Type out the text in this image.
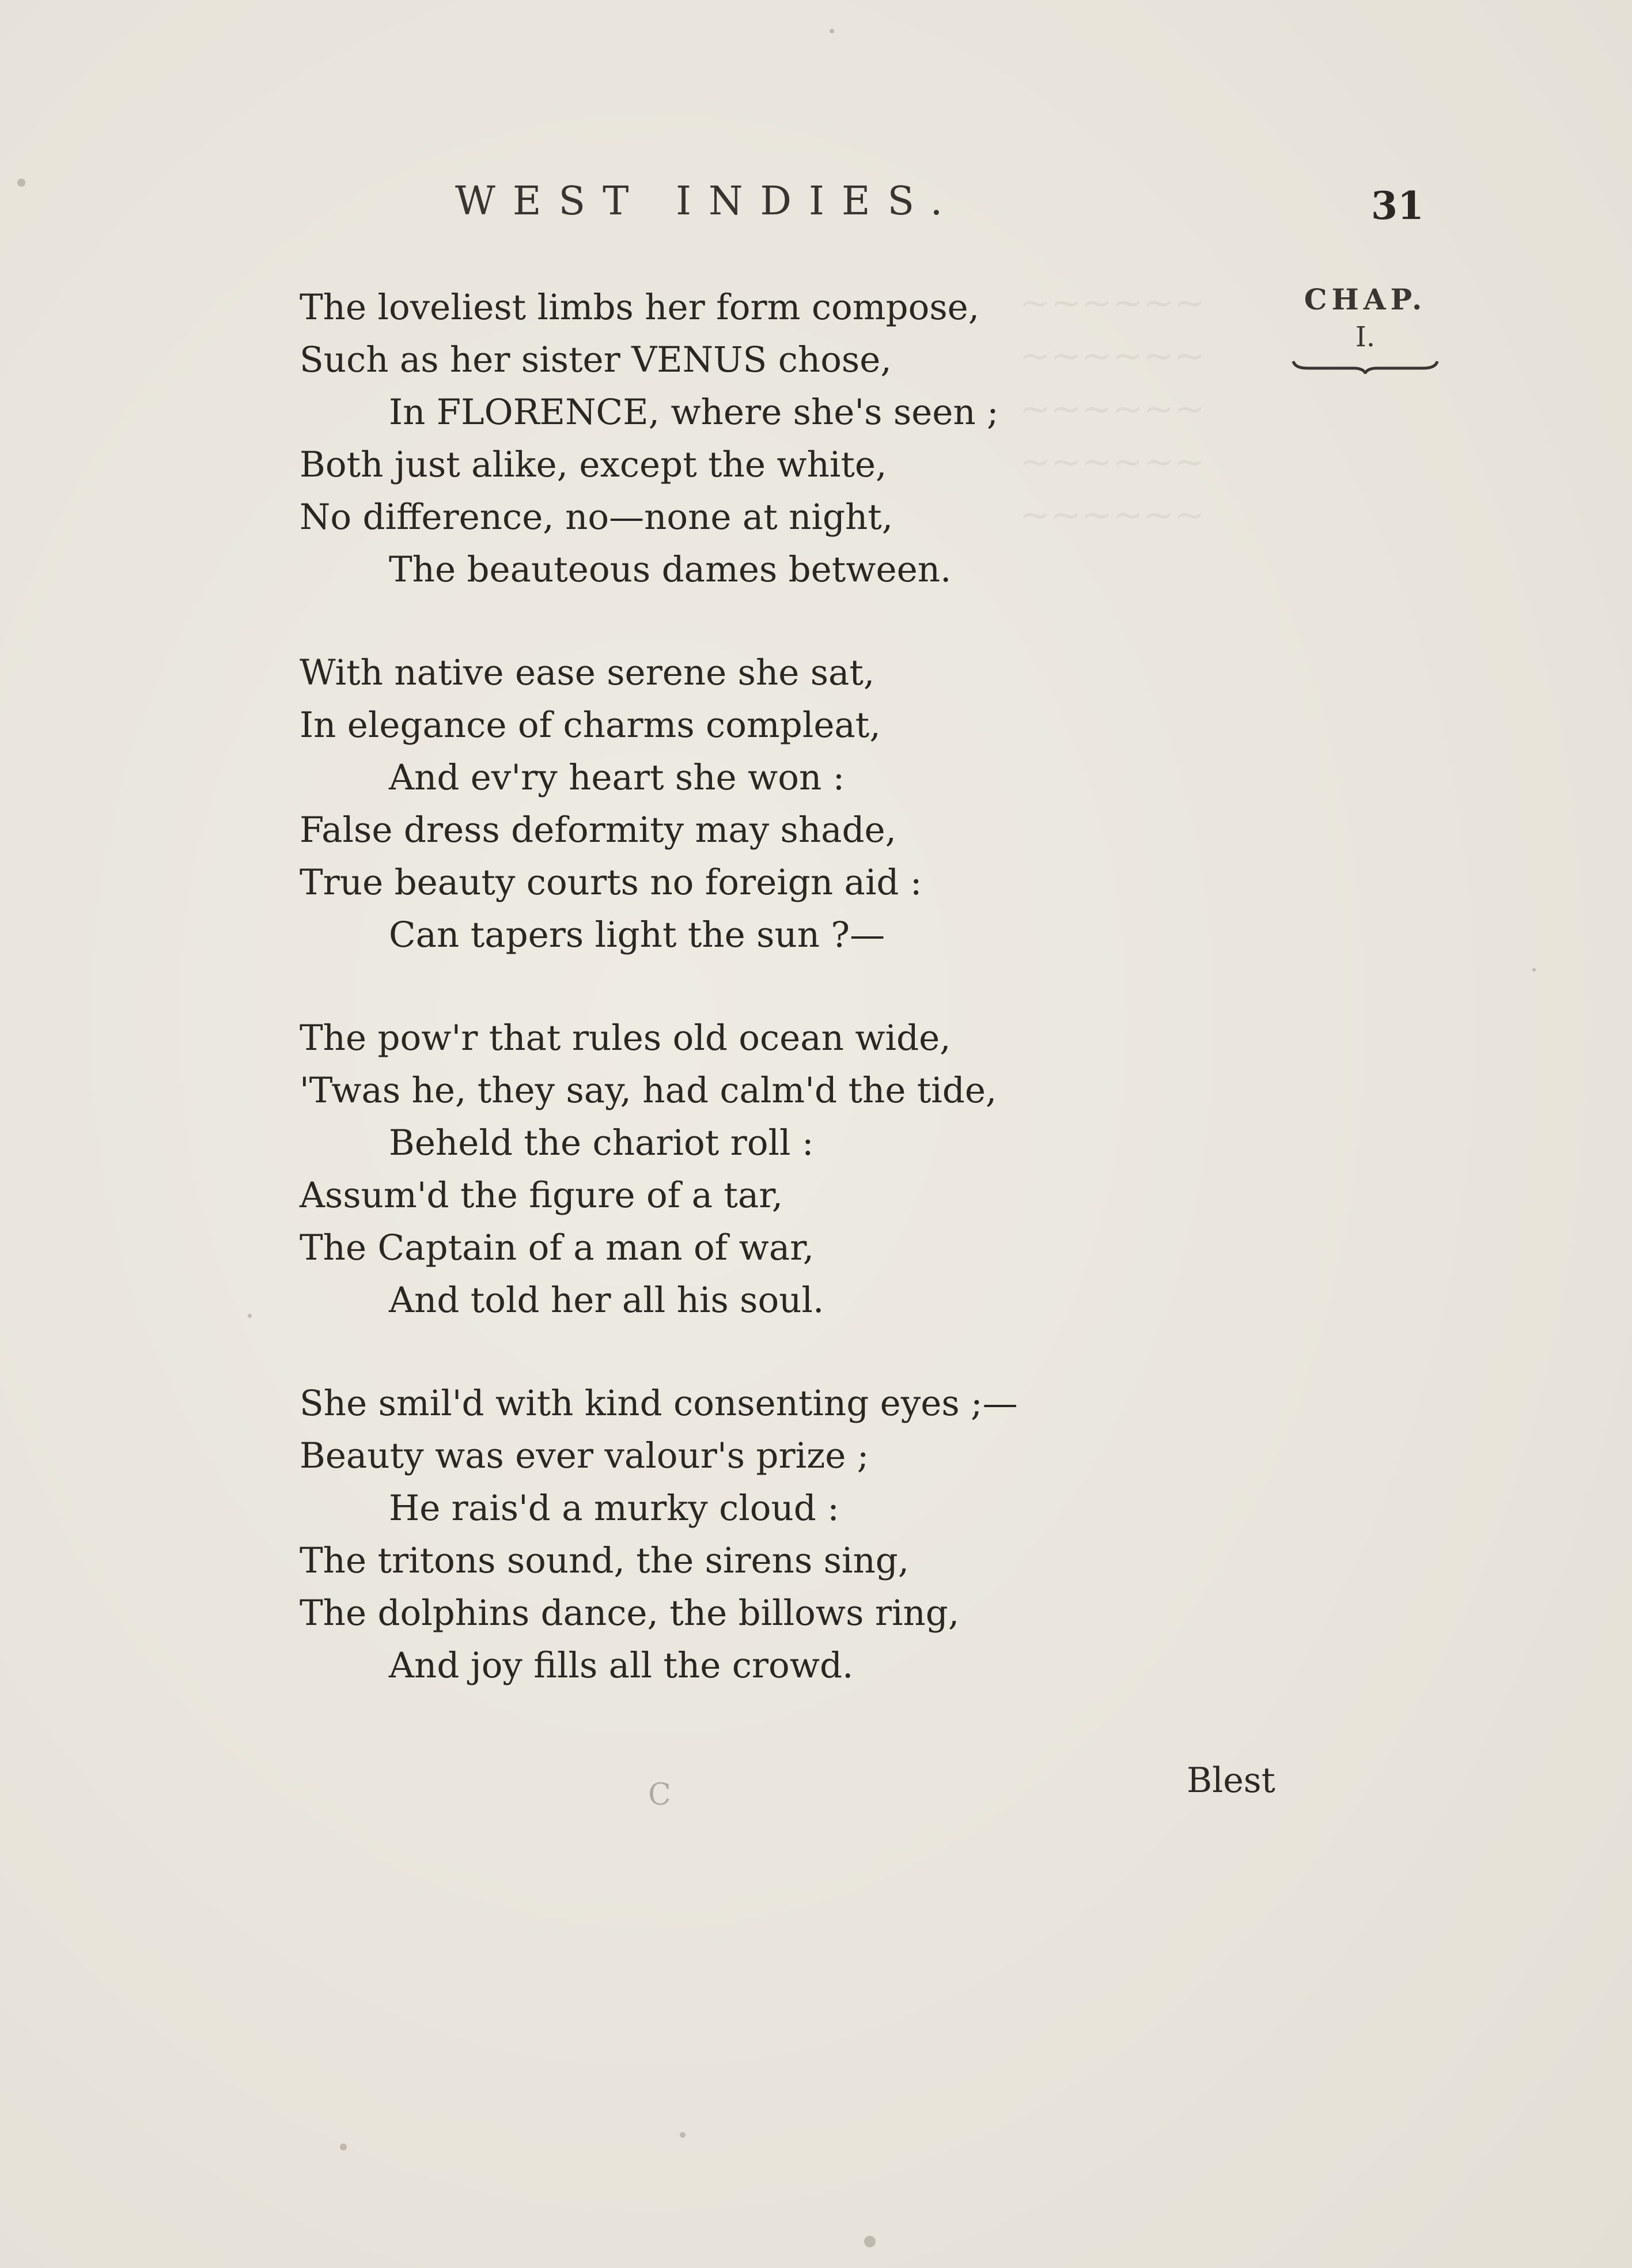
~~~~~~
~~~~~~
~~~~~~
~~~~~~
~~~~~~
WEST INDIES.	31
CHAP.
I.
The loveliest limbs her form compose,
Such as her sister VENUS chose,
In FLORENCE, where she's seen ;
Both just alike, except the white,
No difference, no—none at night,
The beauteous dames between.
With native ease serene she sat,
In elegance of charms compleat,
And ev'ry heart she won :
False dress deformity may shade,
True beauty courts no foreign aid :
Can tapers light the sun ?—
The pow'r that rules old ocean wide,
'Twas he, they say, had calm'd the tide,
Beheld the chariot roll :
Assum'd the figure of a tar,
The Captain of a man of war,
And told her all his soul.
She smil'd with kind consenting eyes ;—
Beauty was ever valour's prize ;
He rais'd a murky cloud :
The tritons sound, the sirens sing,
The dolphins dance, the billows ring,
And joy fills all the crowd.
C	Blest
